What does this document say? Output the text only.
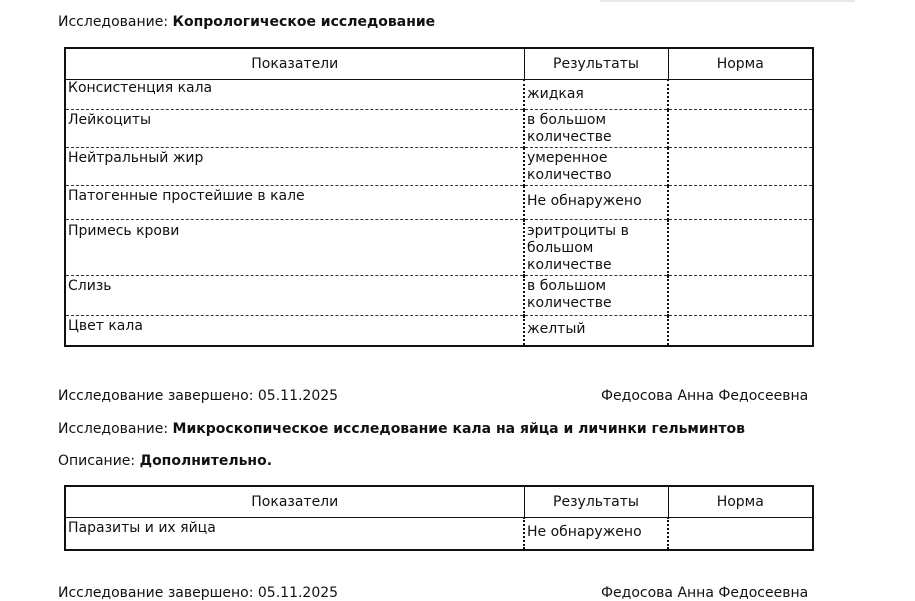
Исследование: Копрологическое исследование
Показатели	Результаты	Норма
Консистенция кала	жидкая	
Лейкоциты	в большом количестве	
Нейтральный жир	умеренное количество	
Патогенные простейшие в кале	Не обнаружено	
Примесь крови	эритроциты в большом количестве	
Слизь	в большом количестве	
Цвет кала	желтый	
Исследование завершено: 05.11.2025	Федосова Анна Федосеевна
Исследование: Микроскопическое исследование кала на яйца и личинки гельминтов
Описание: Дополнительно.
Показатели	Результаты	Норма
Паразиты и их яйца	Не обнаружено	
Исследование завершено: 05.11.2025	Федосова Анна Федосеевна
